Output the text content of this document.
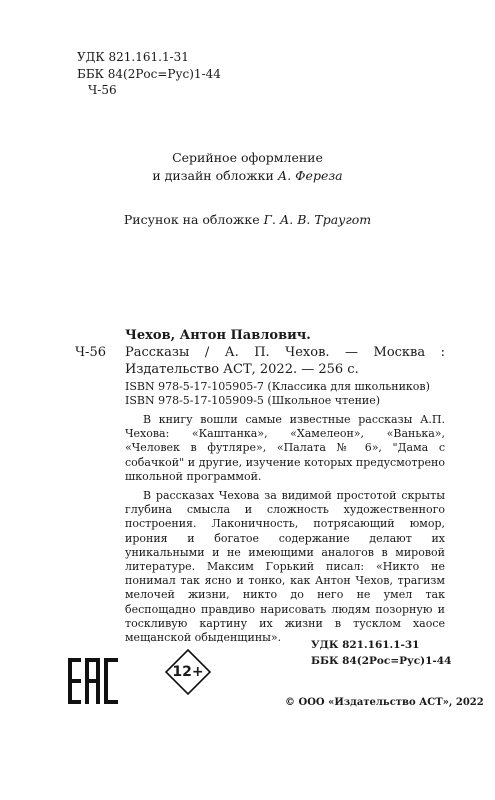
УДК 821.161.1-31
ББК 84(2Рос=Рус)1-44
Ч-56
Серийное оформление
и дизайн обложки А. Фереза
Рисунок на обложке Г. А. В. Траугот
Чехов, Антон Павлович.
Ч-56 Рассказы / А. П. Чехов. — Москва : Издательство АСТ, 2022. — 256 с.
ISBN 978-5-17-105905-7 (Классика для школьников)
ISBN 978-5-17-105909-5 (Школьное чтение)

В книгу вошли самые известные рассказы А.П. Чехова: «Каштанка», «Хамелеон», «Ванька», «Человек в футляре», «Палата № 6», "Дама с собачкой" и другие, изучение которых предусмотрено школьной программой.

В рассказах Чехова за видимой простотой скрыты глубина смысла и сложность художественного построения. Лаконичность, потрясающий юмор, ирония и богатое содержание делают их уникальными и не имеющими аналогов в мировой литературе. Максим Горький писал: «Никто не понимал так ясно и тонко, как Антон Чехов, трагизм мелочей жизни, никто до него не умел так беспощадно правдиво нарисовать людям позорную и тоскливую картину их жизни в тусклом хаосе мещанской обыденщины».

УДК 821.161.1-31
ББК 84(2Рос=Рус)1-44
12+
© ООО «Издательство АСТ», 2022
